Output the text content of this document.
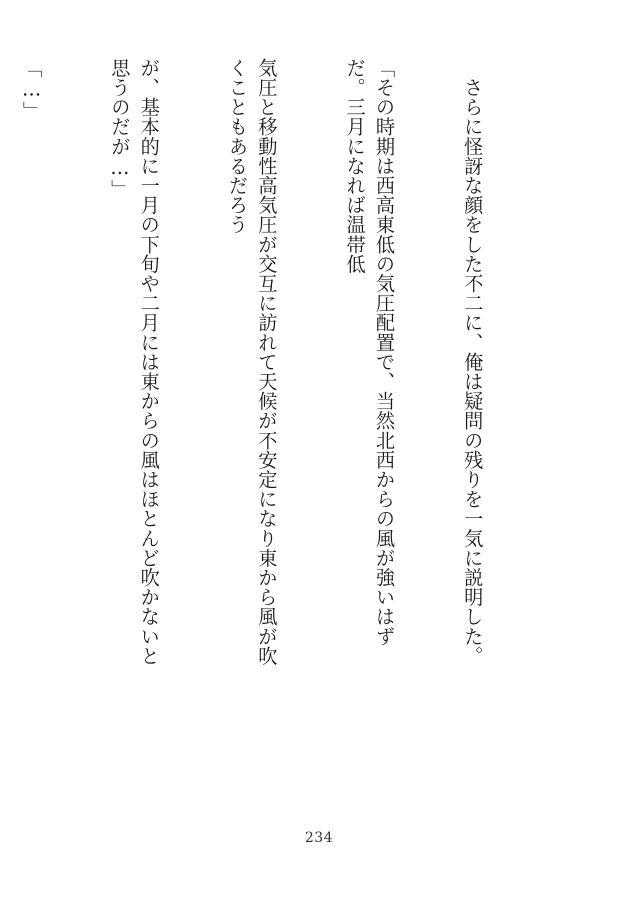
　さらに怪訝な顔をした不二に、俺は疑問の残りを一気に説明した。

「その時期は西高東低の気圧配置で、当然北西からの風が強いはずだ。三月になれば温帯低

気圧と移動性高気圧が交互に訪れて天候が不安定になり東から風が吹くこともあるだろう

が、基本的に一月の下旬や二月には東からの風はほとんど吹かないと思うのだが…」

「…」

234
